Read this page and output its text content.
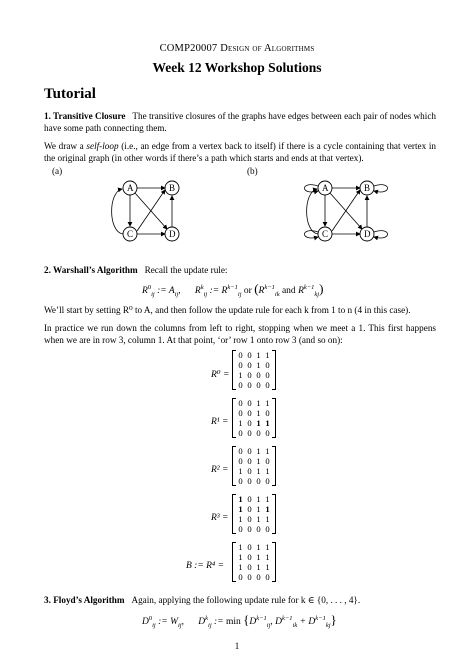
COMP20007 Design of Algorithms
Week 12 Workshop Solutions
Tutorial
1. Transitive Closure The transitive closures of the graphs have edges between each pair of nodes which have some path connecting them.
We draw a self-loop (i.e., an edge from a vertex back to itself) if there is a cycle containing that vertex in the original graph (in other words if there’s a path which starts and ends at that vertex).
(a)	(b)
A	B
C	D
A	B
C	D
2. Warshall’s Algorithm Recall the update rule:
$R^0_{ij}$ := $A_{ij}$,      $R^k_{ij}$ := $R^{k-1}_{ij}$ or ($R^{k-1}_{ik}$ and $R^{k-1}_{kj}$)
We’ll start by setting R⁰ to A, and then follow the update rule for each k from 1 to n (4 in this case).
In practice we run down the columns from left to right, stopping when we meet a 1. This first happens when we are in row 3, column 1. At that point, ‘or’ row 1 onto row 3 (and so on):
R⁰ =
0	0	1	1
0	0	1	0
1	0	0	0
0	0	0	0
R¹ =
0	0	1	1
0	0	1	0
1	0	1	1
0	0	0	0
R² =
0	0	1	1
0	0	1	0
1	0	1	1
0	0	0	0
R³ =
1	0	1	1
1	0	1	1
1	0	1	1
0	0	0	0
B := R⁴ =
1	0	1	1
1	0	1	1
1	0	1	1
0	0	0	0
3. Floyd’s Algorithm Again, applying the following update rule for k ∈ {0, . . . , 4}.
$D^0_{ij}$ := $W_{ij}$,      $D^k_{ij}$ := $\min \{D^{k-1}_{ij}$, $D^{k-1}_{ik} + D^{k-1}_{kj}$}
1
